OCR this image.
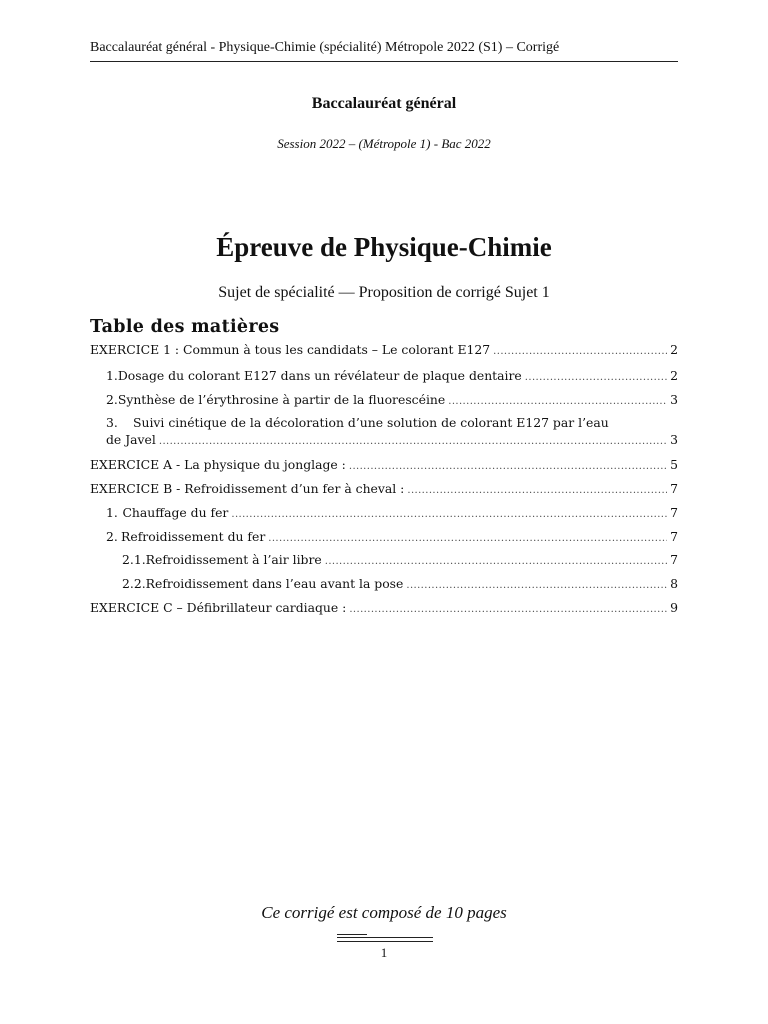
Baccalauréat général - Physique-Chimie (spécialité) Métropole 2022 (S1) – Corrigé
Baccalauréat général
Session 2022 – (Métropole 1) - Bac 2022
Épreuve de Physique-Chimie
Sujet de spécialité — Proposition de corrigé Sujet 1
Table des matières
EXERCICE 1 : Commun à tous les candidats – Le colorant E127 .....	2
1. Dosage du colorant E127 dans un révélateur de plaque dentaire .....	2
2. Synthèse de l’érythrosine à partir de la fluorescéine .....	3
3. Suivi cinétique de la décoloration d’une solution de colorant E127 par l’eau
de Javel .....	3
EXERCICE A - La physique du jonglage : .....	5
EXERCICE B - Refroidissement d’un fer à cheval : .....	7
1. Chauffage du fer .....	7
2. Refroidissement du fer .....	7
2.1. Refroidissement à l’air libre .....	7
2.2. Refroidissement dans l’eau avant la pose .....	8
EXERCICE C – Défibrillateur cardiaque : .....	9
Ce corrigé est composé de 10 pages
1
